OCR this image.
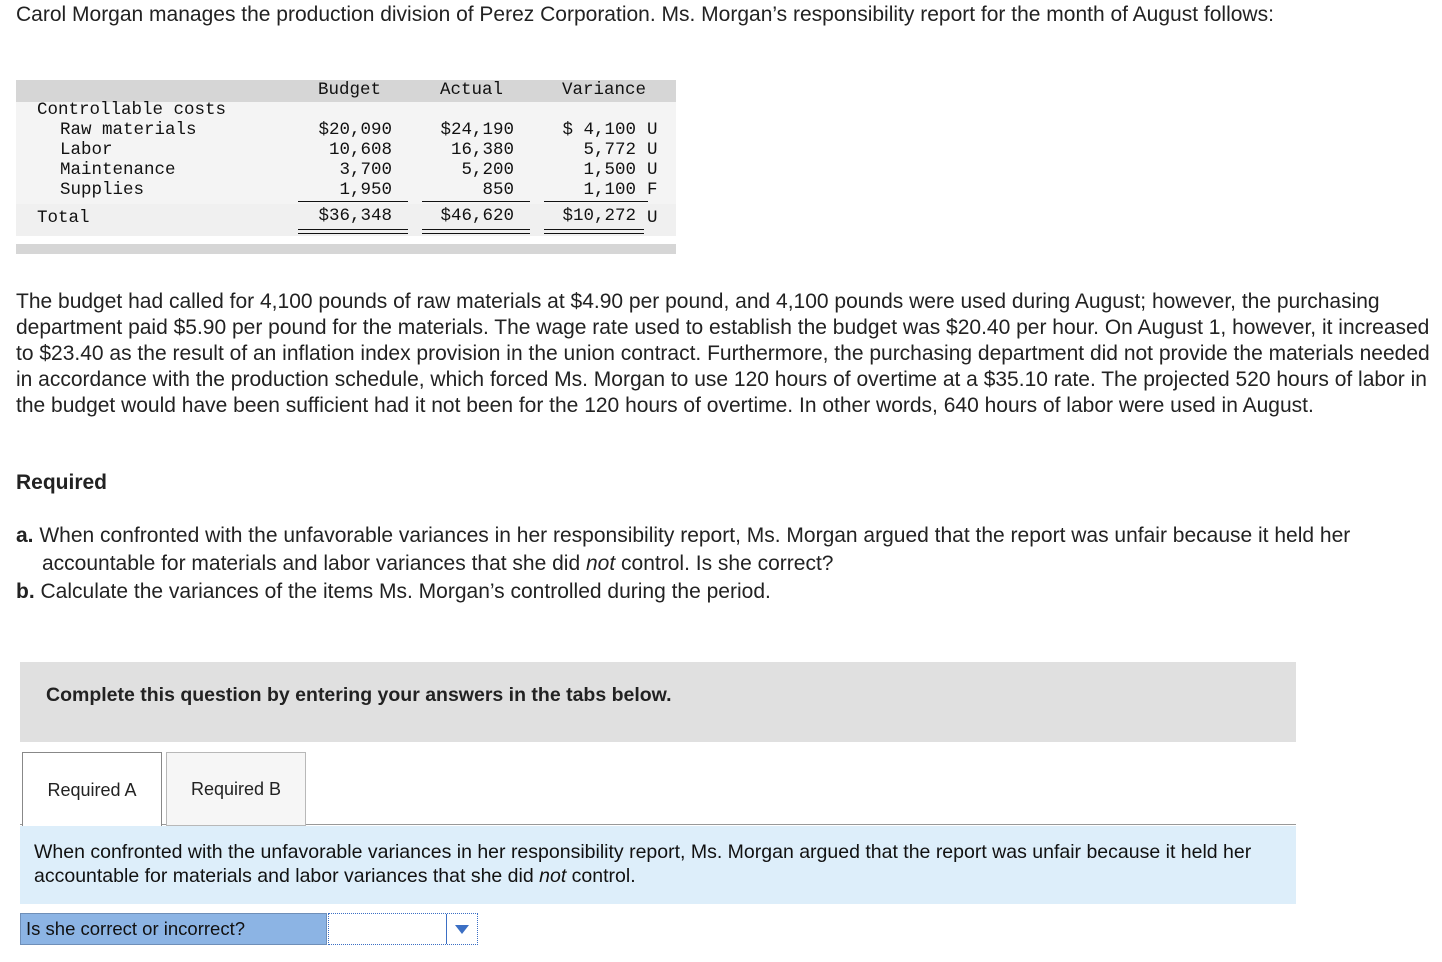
Carol Morgan manages the production division of Perez Corporation. Ms. Morgan’s responsibility report for the month of August follows:

Budget	Actual	Variance
Controllable costs
Raw materials	$20,090	$24,190	$ 4,100 U
Labor	10,608	16,380	5,772 U
Maintenance	3,700	5,200	1,500 U
Supplies	1,950	850	1,100 F
Total	$36,348	$46,620	$10,272 U

The budget had called for 4,100 pounds of raw materials at $4.90 per pound, and 4,100 pounds were used during August; however, the purchasing department paid $5.90 per pound for the materials. The wage rate used to establish the budget was $20.40 per hour. On August 1, however, it increased to $23.40 as the result of an inflation index provision in the union contract. Furthermore, the purchasing department did not provide the materials needed in accordance with the production schedule, which forced Ms. Morgan to use 120 hours of overtime at a $35.10 rate. The projected 520 hours of labor in the budget would have been sufficient had it not been for the 120 hours of overtime. In other words, 640 hours of labor were used in August.

Required

a. When confronted with the unfavorable variances in her responsibility report, Ms. Morgan argued that the report was unfair because it held her accountable for materials and labor variances that she did not control. Is she correct?
b. Calculate the variances of the items Ms. Morgan’s controlled during the period.
Complete this question by entering your answers in the tabs below.
Required A	Required B

When confronted with the unfavorable variances in her responsibility report, Ms. Morgan argued that the report was unfair because it held her accountable for materials and labor variances that she did not control.

Is she correct or incorrect?
